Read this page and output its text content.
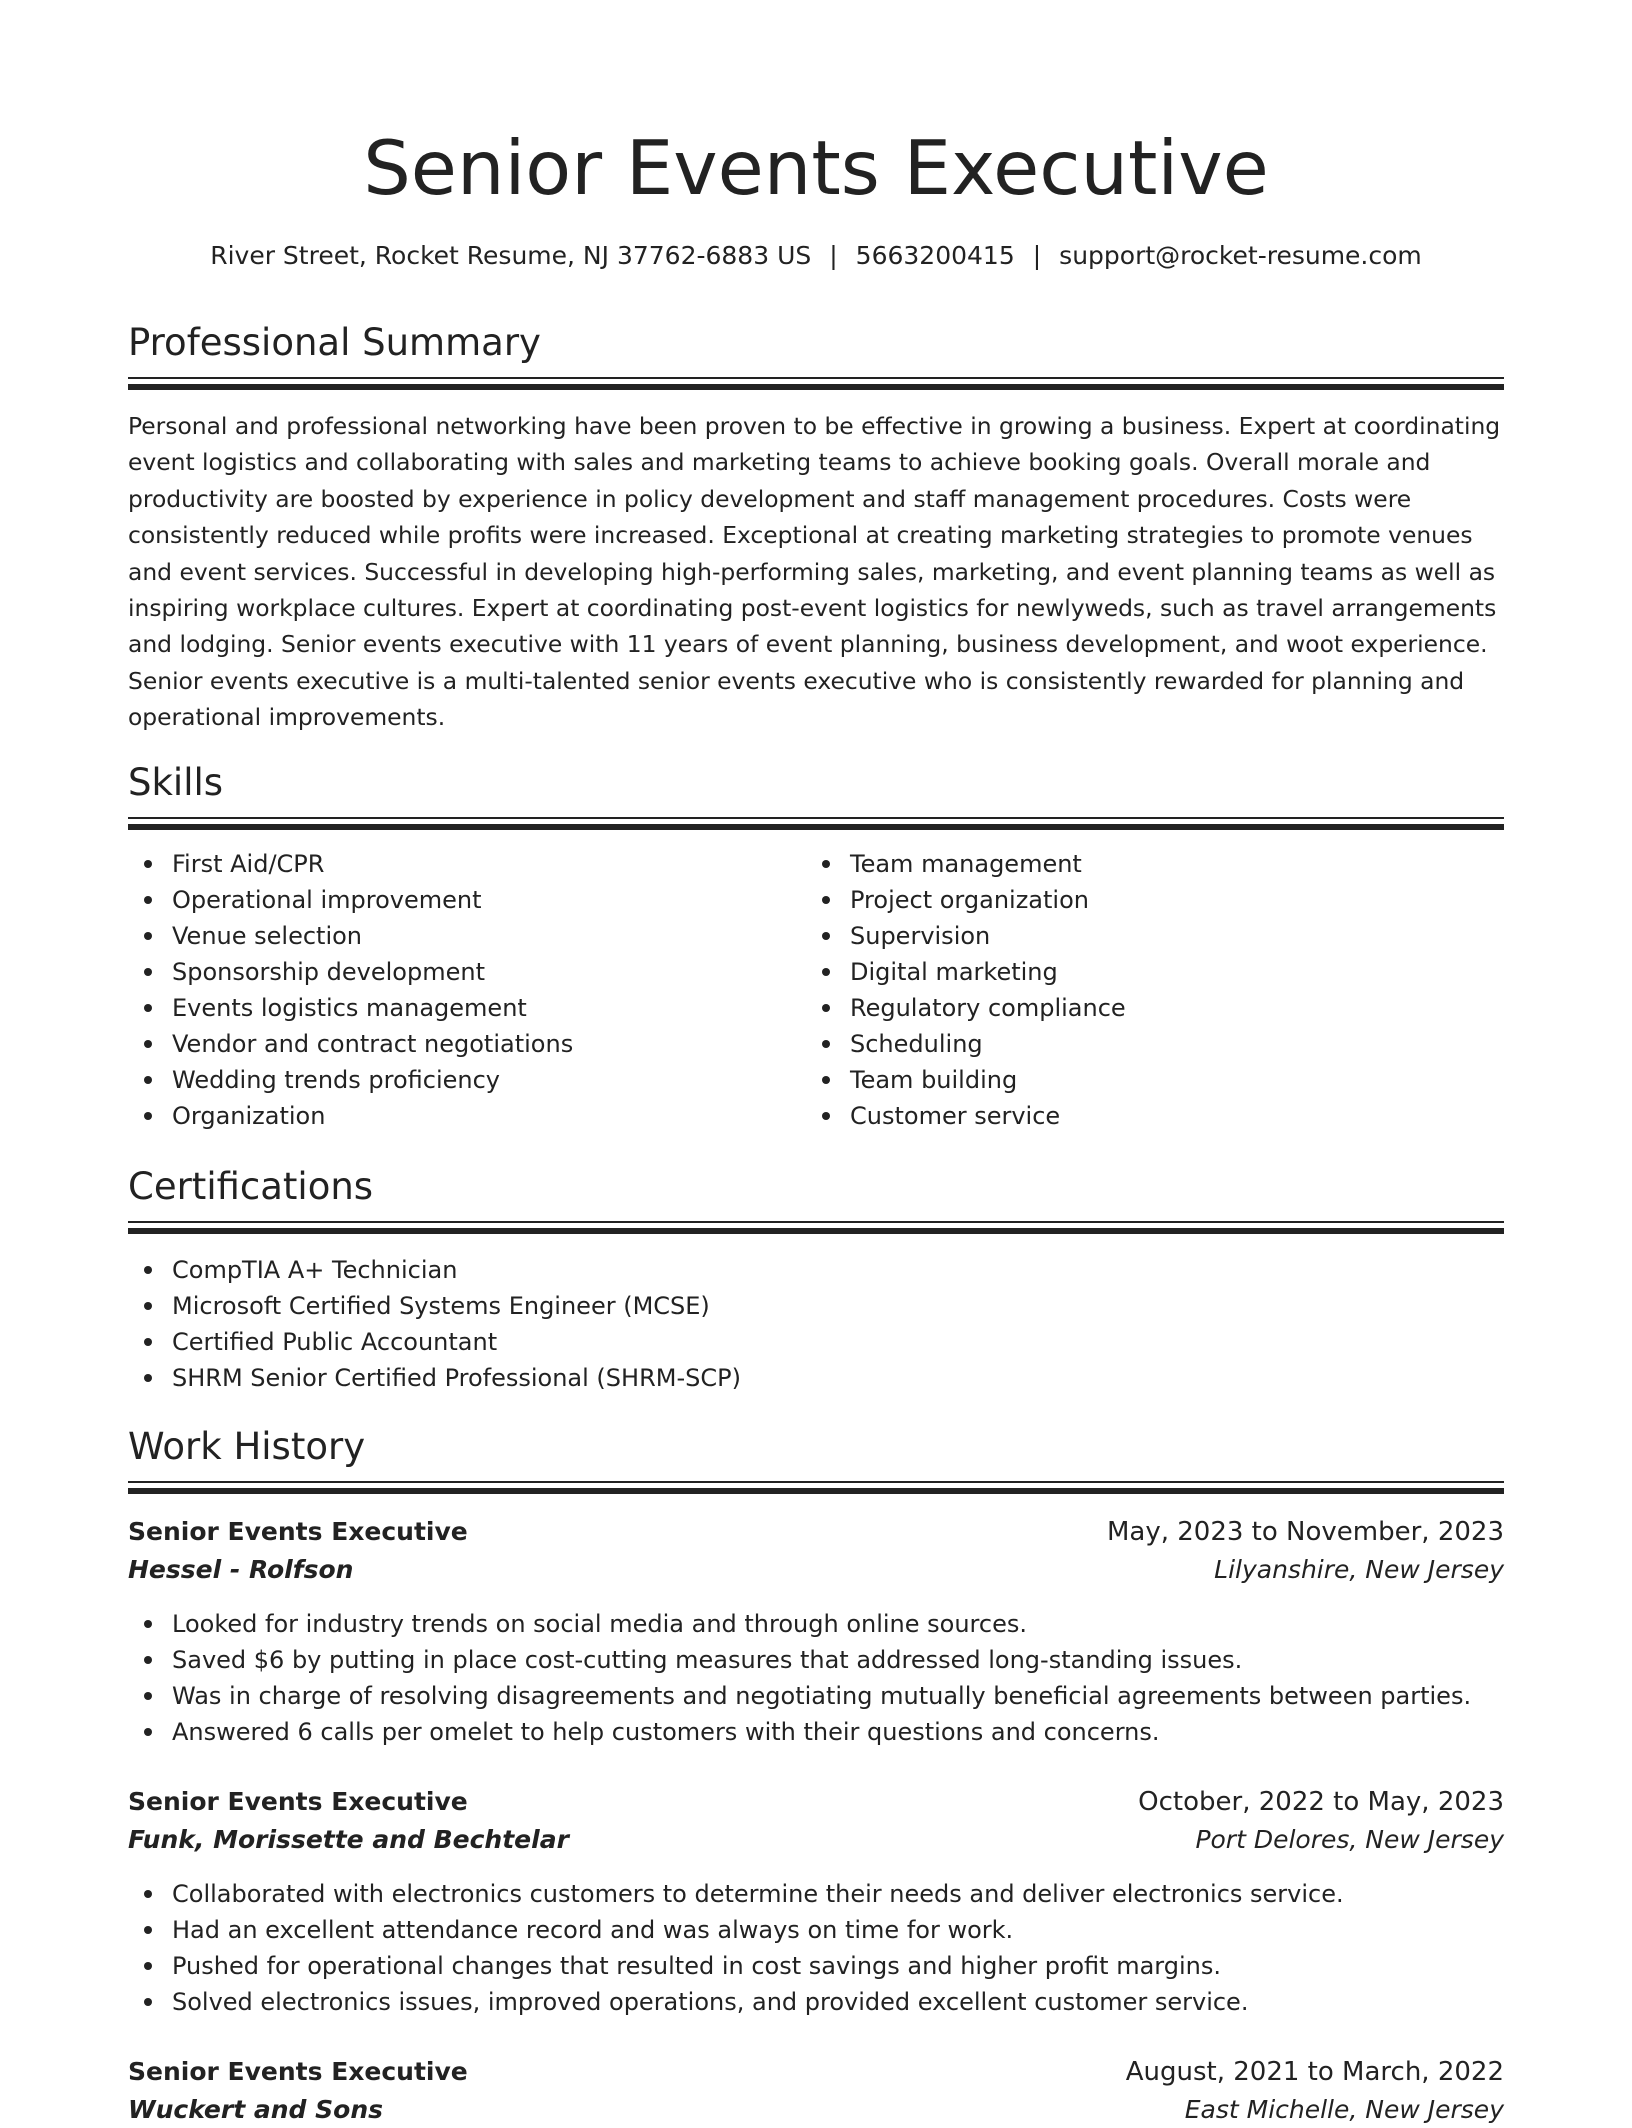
Senior Events Executive
River Street, Rocket Resume, NJ 37762-6883 US | 5663200415 | support@rocket-resume.com
Professional Summary

Personal and professional networking have been proven to be effective in growing a business. Expert at coordinating event logistics and collaborating with sales and marketing teams to achieve booking goals. Overall morale and productivity are boosted by experience in policy development and staff management procedures. Costs were consistently reduced while profits were increased. Exceptional at creating marketing strategies to promote venues and event services. Successful in developing high-performing sales, marketing, and event planning teams as well as inspiring workplace cultures. Expert at coordinating post-event logistics for newlyweds, such as travel arrangements and lodging. Senior events executive with 11 years of event planning, business development, and woot experience. Senior events executive is a multi-talented senior events executive who is consistently rewarded for planning and operational improvements.

Skills
First Aid/CPR
Operational improvement
Venue selection
Sponsorship development
Events logistics management
Vendor and contract negotiations
Wedding trends proficiency
Organization
Team management
Project organization
Supervision
Digital marketing
Regulatory compliance
Scheduling
Team building
Customer service
Certifications
CompTIA A+ Technician
Microsoft Certified Systems Engineer (MCSE)
Certified Public Accountant
SHRM Senior Certified Professional (SHRM-SCP)
Work History
Senior Events Executive	May, 2023 to November, 2023
Hessel - Rolfson	Lilyanshire, New Jersey
Looked for industry trends on social media and through online sources.
Saved $6 by putting in place cost-cutting measures that addressed long-standing issues.
Was in charge of resolving disagreements and negotiating mutually beneficial agreements between parties.
Answered 6 calls per omelet to help customers with their questions and concerns.
Senior Events Executive	October, 2022 to May, 2023
Funk, Morissette and Bechtelar	Port Delores, New Jersey
Collaborated with electronics customers to determine their needs and deliver electronics service.
Had an excellent attendance record and was always on time for work.
Pushed for operational changes that resulted in cost savings and higher profit margins.
Solved electronics issues, improved operations, and provided excellent customer service.
Senior Events Executive	August, 2021 to March, 2022
Wuckert and Sons	East Michelle, New Jersey
